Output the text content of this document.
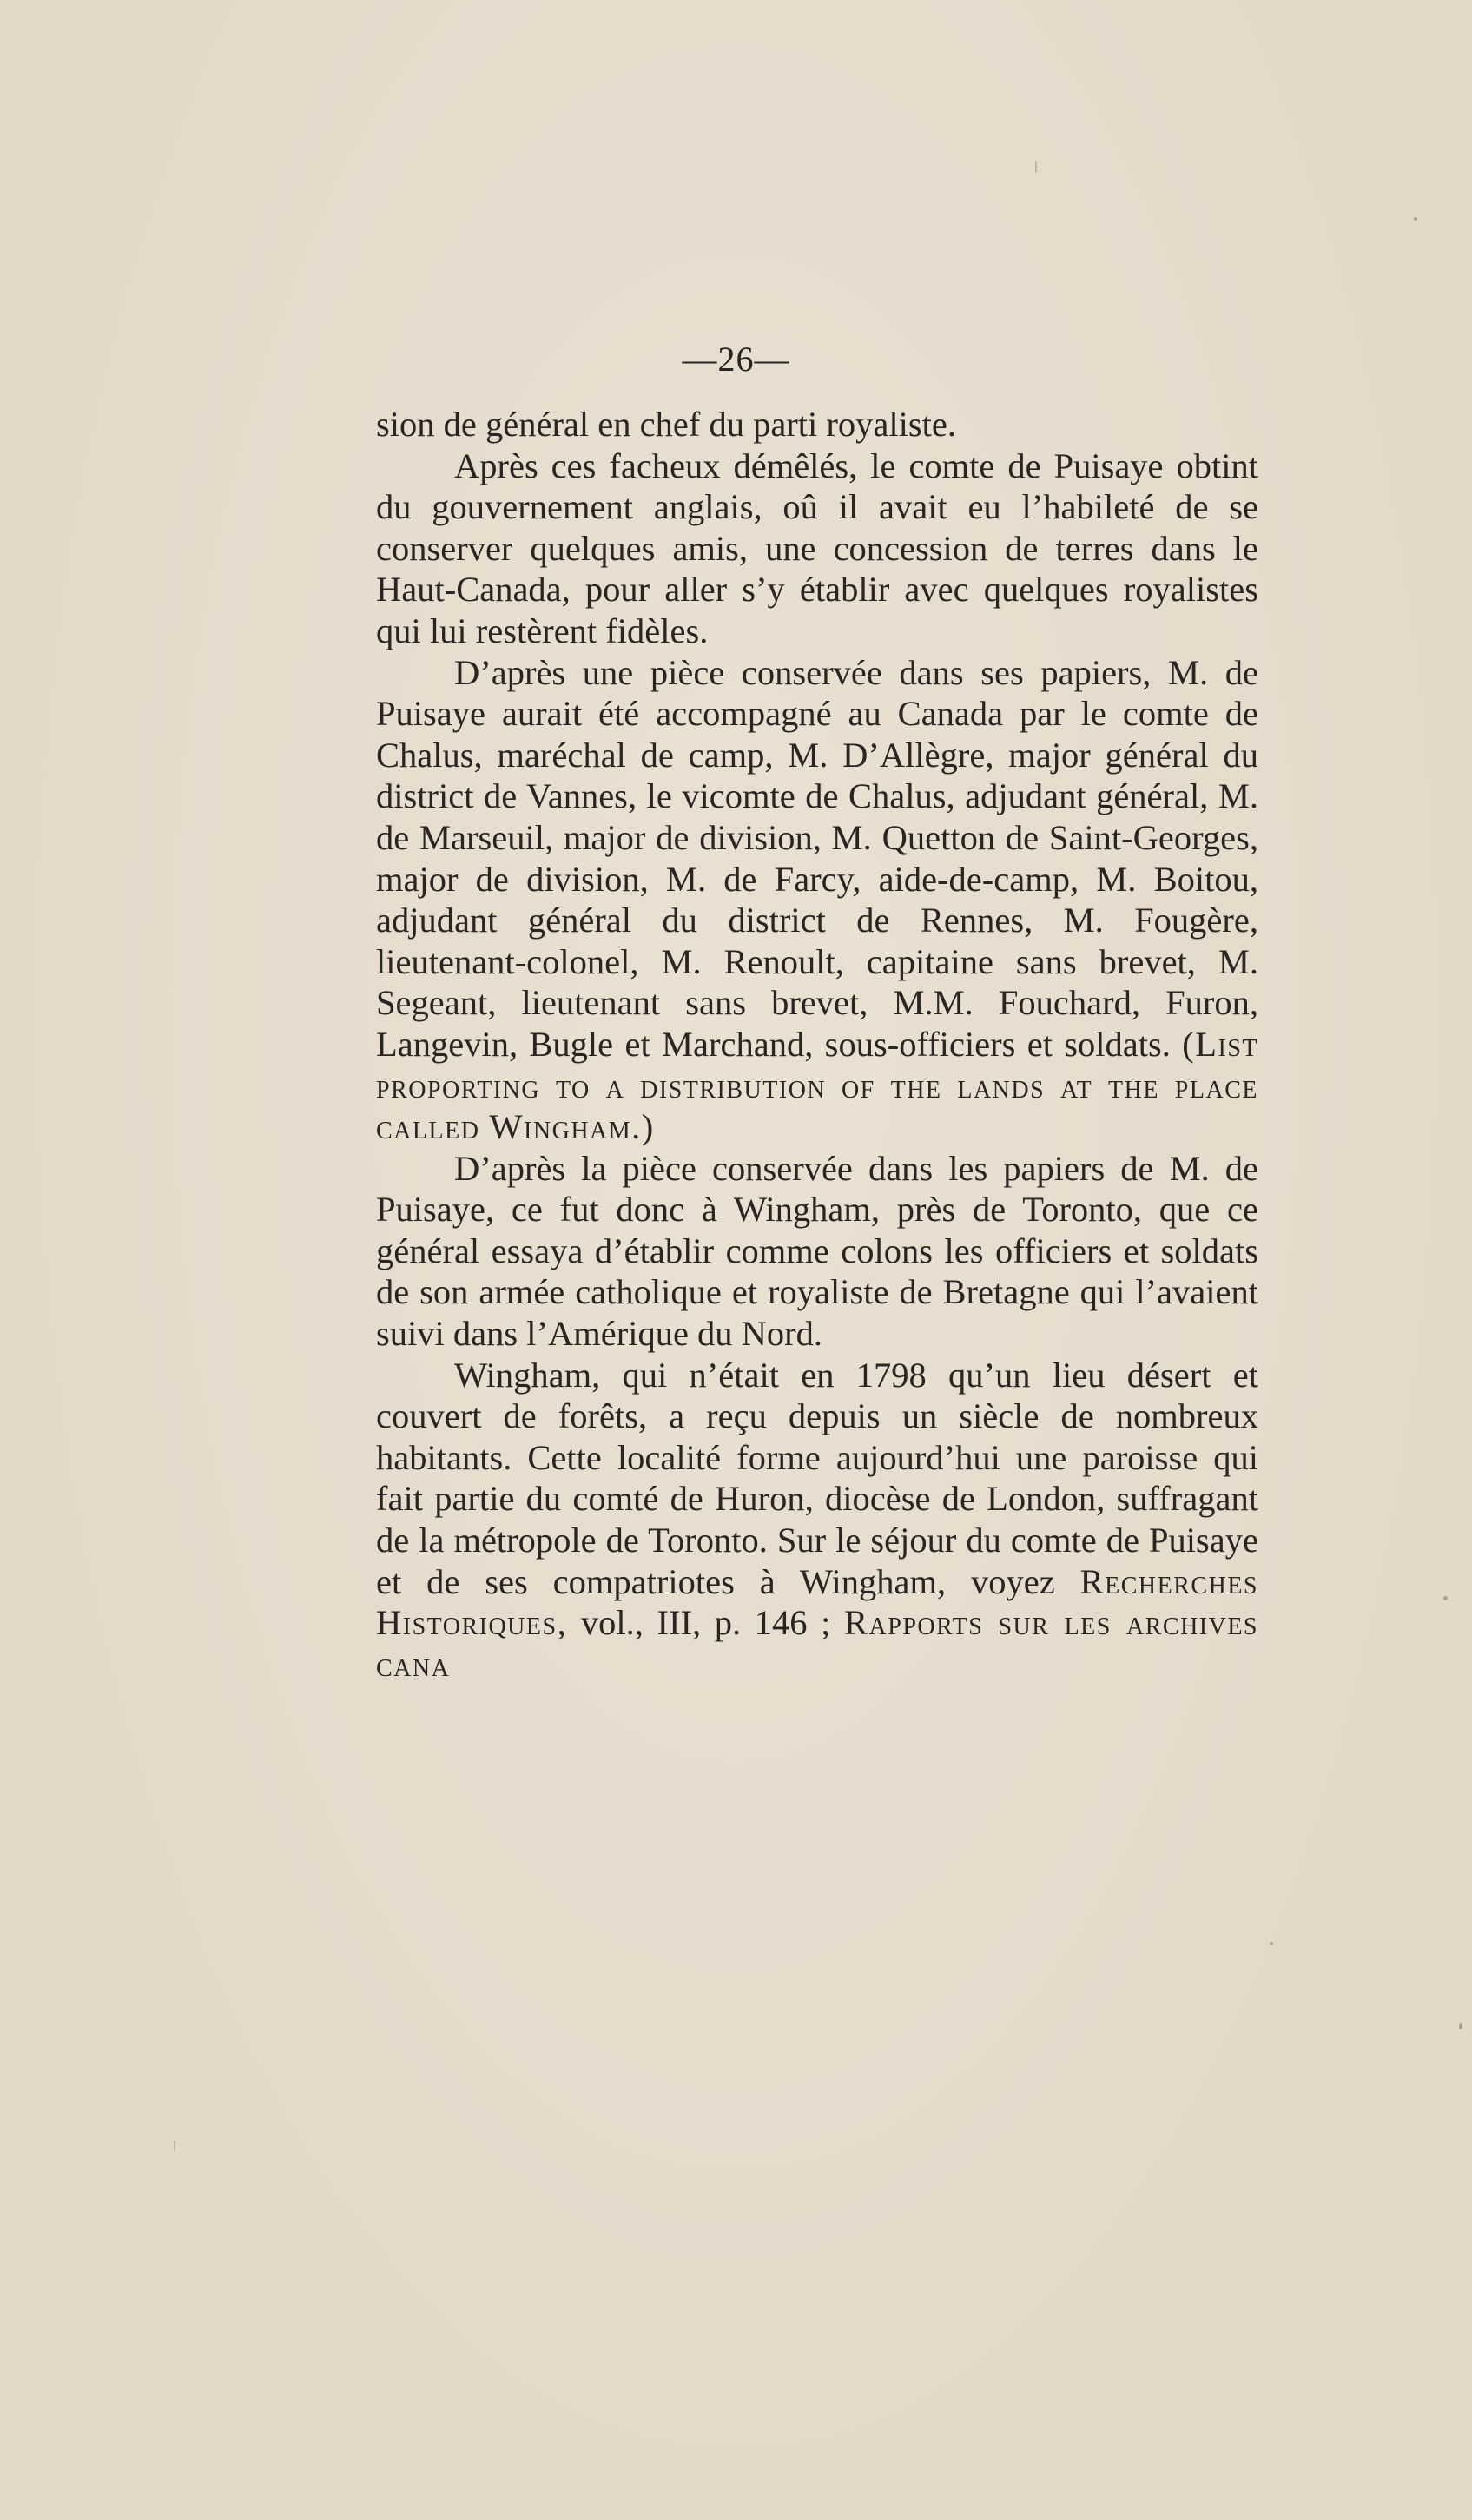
—26—

sion de général en chef du parti royaliste.

Après ces facheux démêlés, le comte de Puisaye obtint du gouvernement anglais, oû il avait eu l’habileté de se conserver quelques amis, une concession de terres dans le Haut-Canada, pour aller s’y établir avec quelques royalistes qui lui restèrent fidèles.

D’après une pièce conservée dans ses papiers, M. de Puisaye aurait été accompagné au Canada par le comte de Chalus, maréchal de camp, M. D’Allègre, major général du district de Vannes, le vicomte de Chalus, adjudant général, M. de Marseuil, major de division, M. Quetton de Saint-Georges, major de division, M. de Farcy, aide-de-camp, M. Boitou, adjudant général du district de Rennes, M. Fougère, lieutenant-colonel, M. Renoult, capitaine sans brevet, M. Segeant, lieutenant sans brevet, M.M. Fouchard, Furon, Langevin, Bugle et Marchand, sous-officiers et soldats. (List proporting to a distribution of the lands at the place called Wingham.)

D’après la pièce conservée dans les papiers de M. de Puisaye, ce fut donc à Wingham, près de Toronto, que ce général essaya d’établir comme colons les officiers et soldats de son armée catholique et royaliste de Bretagne qui l’avaient suivi dans l’Amérique du Nord.

Wingham, qui n’était en 1798 qu’un lieu désert et couvert de forêts, a reçu depuis un siècle de nombreux habitants. Cette localité forme aujourd’hui une paroisse qui fait partie du comté de Huron, diocèse de London, suffragant de la métropole de Toronto. Sur le séjour du comte de Puisaye et de ses compatriotes à Wingham, voyez Recherches Historiques, vol., III, p. 146 ; Rapports sur les archives cana
